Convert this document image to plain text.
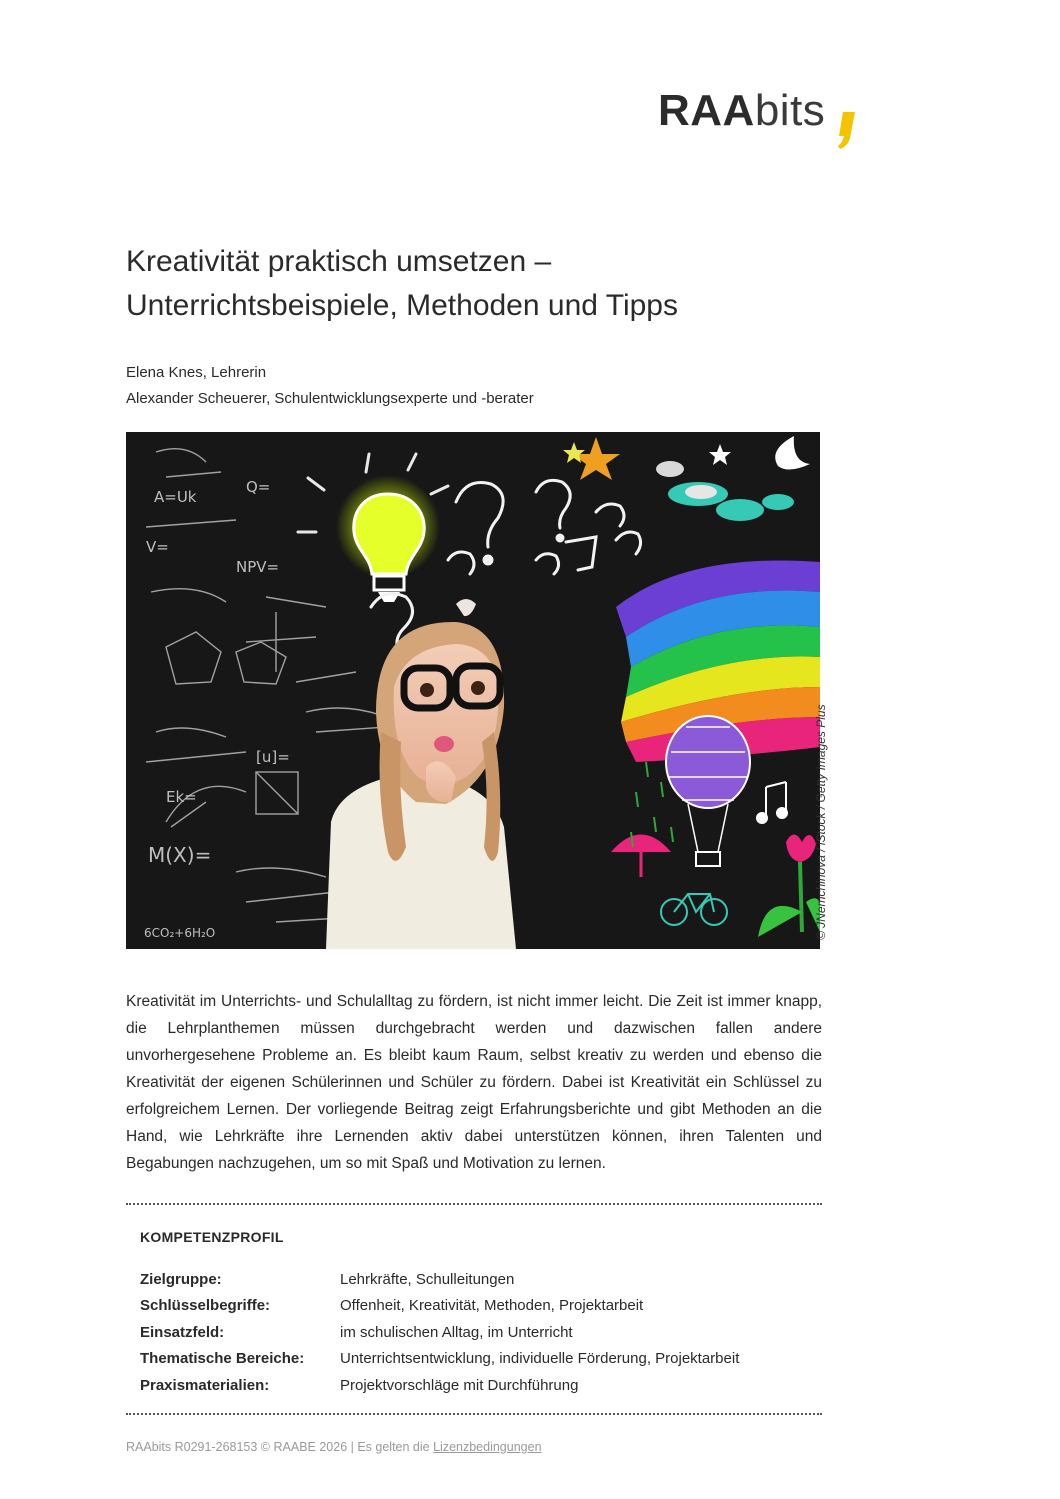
RAAbits
Kreativität praktisch umsetzen –
Unterrichtsbeispiele, Methoden und Tipps
Elena Knes, Lehrerin
Alexander Scheuerer, Schulentwicklungsexperte und -berater
A=Uk
V=
Q=
NPV=
M(X)=
[u]=
Ek=
6CO₂+6H₂O	© JNemchinova / iStock / Getty Images Plus

Kreativität im Unterrichts- und Schulalltag zu fördern, ist nicht immer leicht. Die Zeit ist immer knapp, die Lehrplanthemen müssen durchgebracht werden und dazwischen fallen andere unvorhergesehene Probleme an. Es bleibt kaum Raum, selbst kreativ zu werden und ebenso die Kreativität der eigenen Schülerinnen und Schüler zu fördern. Dabei ist Kreativität ein Schlüssel zu erfolgreichem Lernen. Der vorliegende Beitrag zeigt Erfahrungsberichte und gibt Methoden an die Hand, wie Lehrkräfte ihre Lernenden aktiv dabei unterstützen können, ihren Talenten und Begabungen nachzugehen, um so mit Spaß und Motivation zu lernen.

KOMPETENZPROFIL
Zielgruppe:	Lehrkräfte, Schulleitungen
Schlüsselbegriffe:	Offenheit, Kreativität, Methoden, Projektarbeit
Einsatzfeld:	im schulischen Alltag, im Unterricht
Thematische Bereiche:	Unterrichtsentwicklung, individuelle Förderung, Projektarbeit
Praxismaterialien:	Projektvorschläge mit Durchführung
RAAbits R0291-268153 © RAABE 2026 | Es gelten die Lizenzbedingungen
